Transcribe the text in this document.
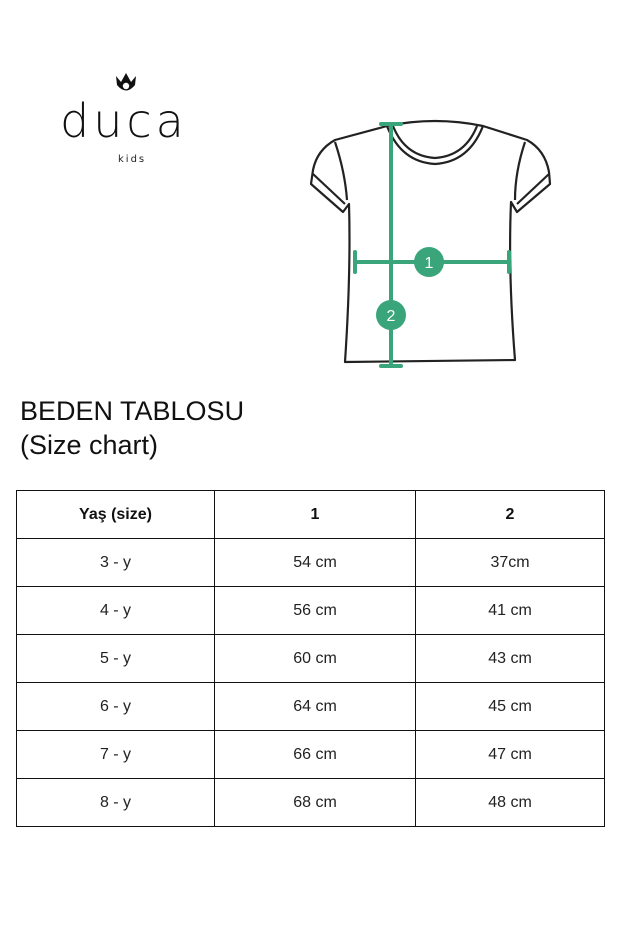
duca
kids
1
2
BEDEN TABLOSU
(Size chart)
Yaş (size)	1	2
3 - y	54 cm	37cm
4 - y	56 cm	41 cm
5 - y	60 cm	43 cm
6 - y	64 cm	45 cm
7 - y	66 cm	47 cm
8 - y	68 cm	48 cm
